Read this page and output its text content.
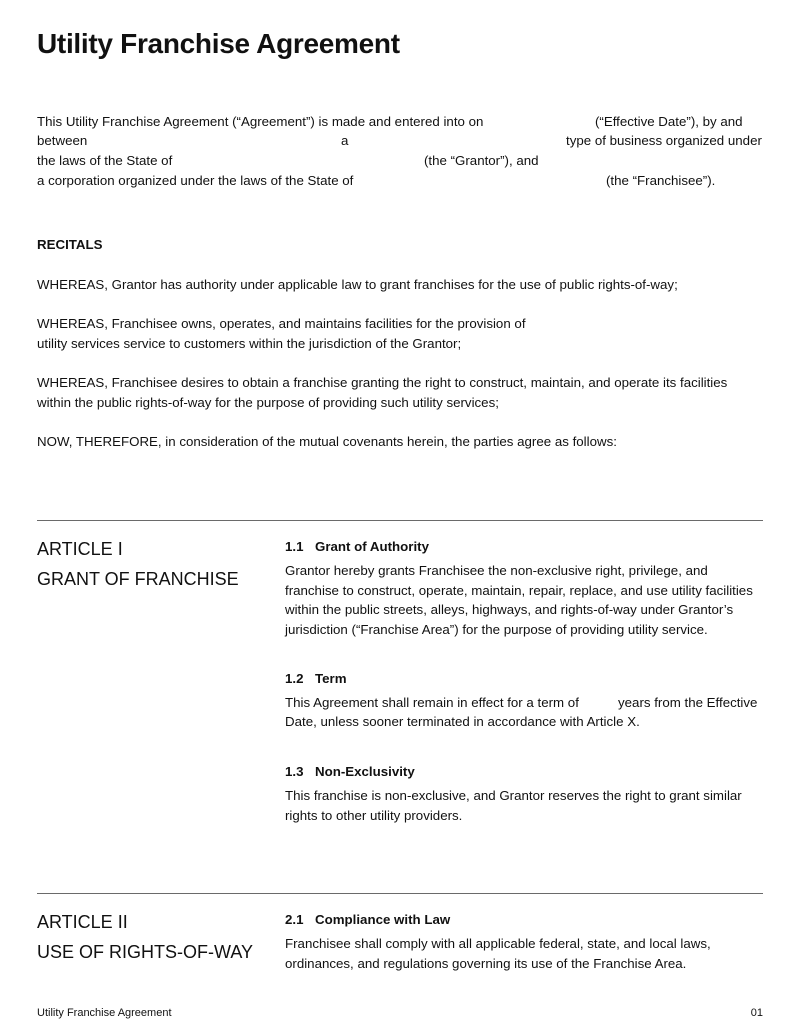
Utility Franchise Agreement
This Utility Franchise Agreement (“Agreement”) is made and entered into on	(“Effective Date”), by and
between	a	type of business organized under
the laws of the State of	(the “Grantor”), and
a corporation organized under the laws of the State of	(the “Franchisee”).
RECITALS
WHEREAS, Grantor has authority under applicable law to grant franchises for the use of public rights-of-way;
WHEREAS, Franchisee owns, operates, and maintains facilities for the provision of
utility services service to customers within the jurisdiction of the Grantor;
WHEREAS, Franchisee desires to obtain a franchise granting the right to construct, maintain, and operate its facilities
within the public rights-of-way for the purpose of providing such utility services;
NOW, THEREFORE, in consideration of the mutual covenants herein, the parties agree as follows:
ARTICLE I
GRANT OF FRANCHISE
1.1 Grant of Authority
Grantor hereby grants Franchisee the non-exclusive right, privilege, and
franchise to construct, operate, maintain, repair, replace, and use utility facilities
within the public streets, alleys, highways, and rights-of-way under Grantor’s
jurisdiction (“Franchise Area”) for the purpose of providing utility service.
1.2 Term
This Agreement shall remain in effect for a term of	years from the Effective
Date, unless sooner terminated in accordance with Article X.
1.3 Non-Exclusivity
This franchise is non-exclusive, and Grantor reserves the right to grant similar
rights to other utility providers.
ARTICLE II
USE OF RIGHTS-OF-WAY
2.1 Compliance with Law
Franchisee shall comply with all applicable federal, state, and local laws,
ordinances, and regulations governing its use of the Franchise Area.
Utility Franchise Agreement	01
